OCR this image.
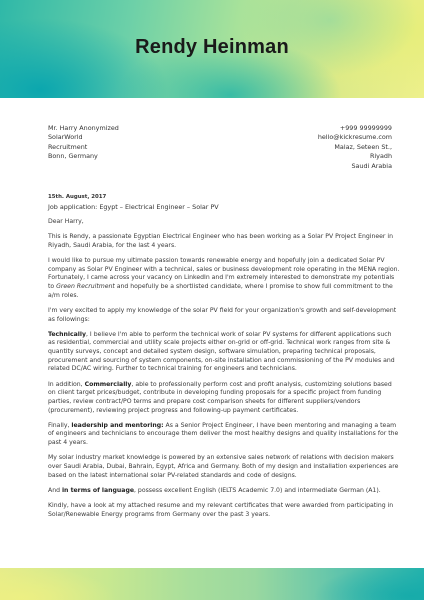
Rendy Heinman
Mr. Harry Anonymized
SolarWorld
Recruitment
Bonn, Germany
+999 99999999
hello@kickresume.com
Malaz, Seteen St.,
Riyadh
Saudi Arabia
15th. August, 2017
Job application: Egypt – Electrical Engineer – Solar PV

Dear Harry,

This is Rendy, a passionate Egyptian Electrical Engineer who has been working as a Solar PV Project Engineer in Riyadh, Saudi Arabia, for the last 4 years.

I would like to pursue my ultimate passion towards renewable energy and hopefully join a dedicated Solar PV company as Solar PV Engineer with a technical, sales or business development role operating in the MENA region. Fortunately, I came across your vacancy on LinkedIn and I'm extremely interested to demonstrate my potentials to Green Recruitment and hopefully be a shortlisted candidate, where I promise to show full commitment to the a/m roles.

I'm very excited to apply my knowledge of the solar PV field for your organization's growth and self-development as followings:

Technically, I believe I'm able to perform the technical work of solar PV systems for different applications such as residential, commercial and utility scale projects either on-grid or off-grid. Technical work ranges from site & quantity surveys, concept and detailed system design, software simulation, preparing technical proposals, procurement and sourcing of system components, on-site installation and commissioning of the PV modules and related DC/AC wiring. Further to technical training for engineers and technicians.

In addition, Commercially, able to professionally perform cost and profit analysis, customizing solutions based on client target prices/budget, contribute in developing funding proposals for a specific project from funding parties, review contract/PO terms and prepare cost comparison sheets for different suppliers/vendors (procurement), reviewing project progress and following-up payment certificates.

Finally, leadership and mentoring: As a Senior Project Engineer, I have been mentoring and managing a team of engineers and technicians to encourage them deliver the most healthy designs and quality installations for the past 4 years.

My solar industry market knowledge is powered by an extensive sales network of relations with decision makers over Saudi Arabia, Dubai, Bahrain, Egypt, Africa and Germany. Both of my design and installation experiences are based on the latest international solar PV-related standards and code of designs.

And in terms of language, possess excellent English (IELTS Academic 7.0) and intermediate German (A1).

Kindly, have a look at my attached resume and my relevant certificates that were awarded from participating in Solar/Renewable Energy programs from Germany over the past 3 years.
